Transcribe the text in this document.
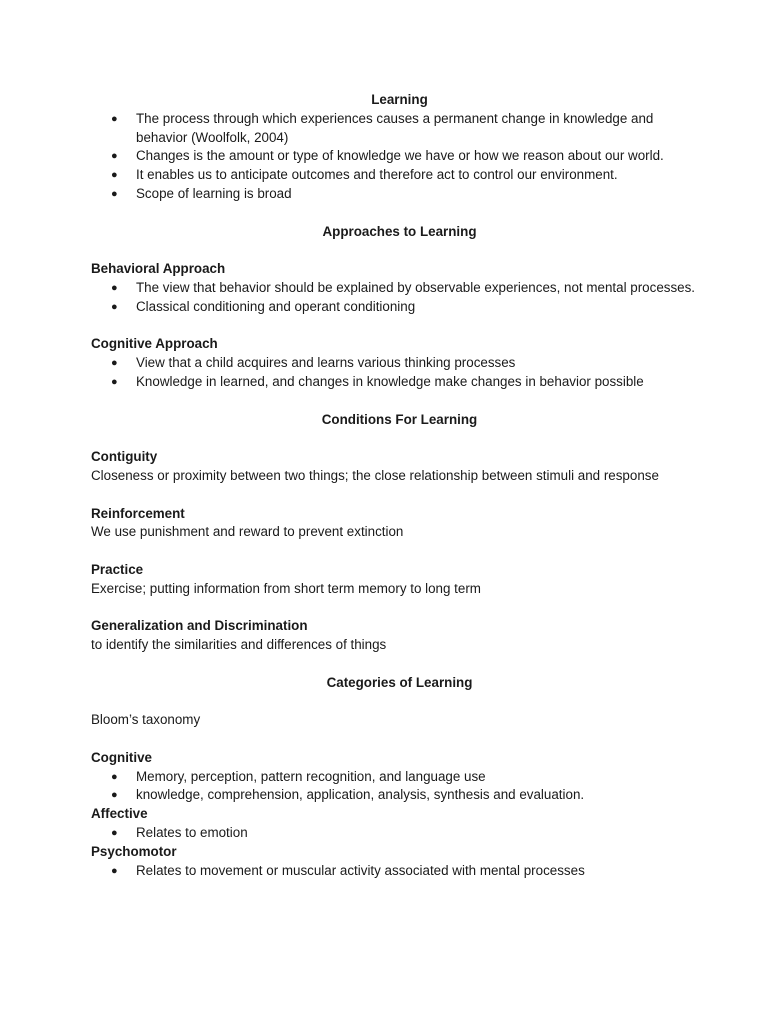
Learning

● The process through which experiences causes a permanent change in knowledge and behavior (Woolfolk, 2004)
● Changes is the amount or type of knowledge we have or how we reason about our world.
● It enables us to anticipate outcomes and therefore act to control our environment.
● Scope of learning is broad

Approaches to Learning

Behavioral Approach

● The view that behavior should be explained by observable experiences, not mental processes.
● Classical conditioning and operant conditioning

Cognitive Approach

● View that a child acquires and learns various thinking processes
● Knowledge in learned, and changes in knowledge make changes in behavior possible

Conditions For Learning

Contiguity

Closeness or proximity between two things; the close relationship between stimuli and response

Reinforcement

We use punishment and reward to prevent extinction

Practice

Exercise; putting information from short term memory to long term

Generalization and Discrimination

to identify the similarities and differences of things

Categories of Learning

Bloom’s taxonomy

Cognitive

● Memory, perception, pattern recognition, and language use
● knowledge, comprehension, application, analysis, synthesis and evaluation.

Affective

● Relates to emotion

Psychomotor

● Relates to movement or muscular activity associated with mental processes
